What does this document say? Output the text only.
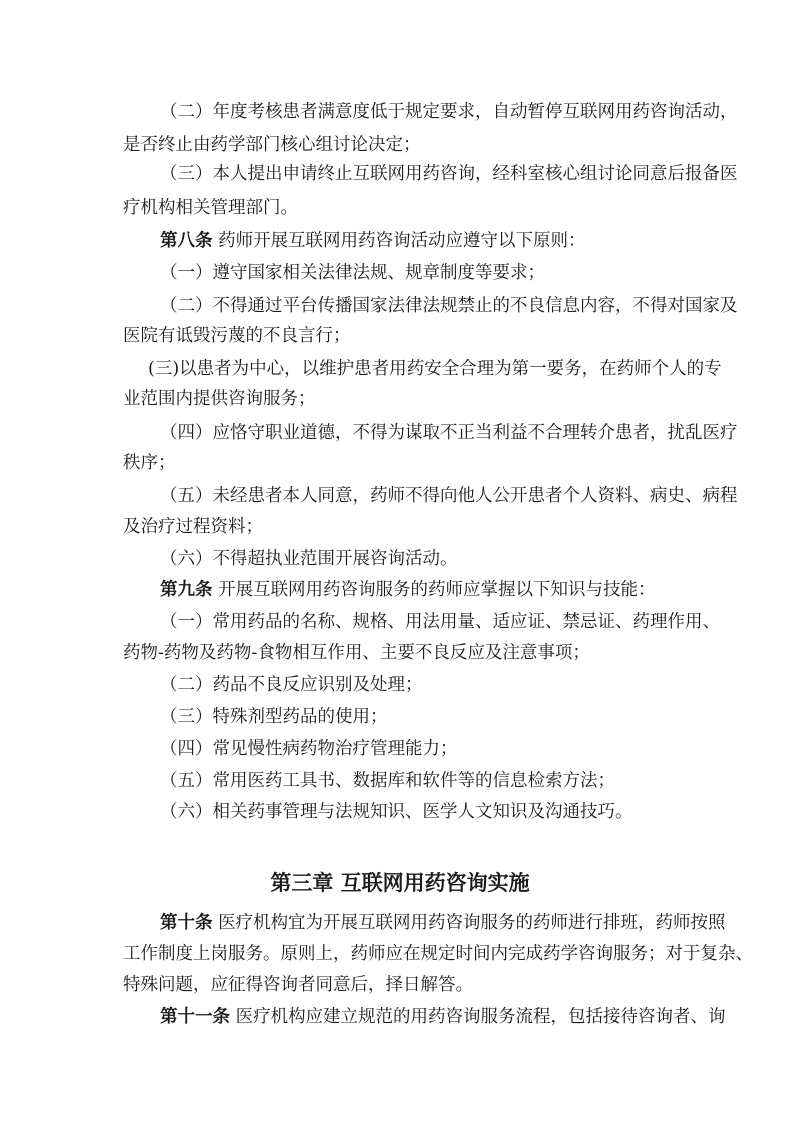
（二）年度考核患者满意度低于规定要求，自动暂停互联网用药咨询活动，
是否终止由药学部门核心组讨论决定；
（三）本人提出申请终止互联网用药咨询，经科室核心组讨论同意后报备医
疗机构相关管理部门。
第八条 药师开展互联网用药咨询活动应遵守以下原则：
（一）遵守国家相关法律法规、规章制度等要求；
（二）不得通过平台传播国家法律法规禁止的不良信息内容，不得对国家及
医院有诋毁污蔑的不良言行；
(三)以患者为中心，以维护患者用药安全合理为第一要务，在药师个人的专
业范围内提供咨询服务；
（四）应恪守职业道德，不得为谋取不正当利益不合理转介患者，扰乱医疗
秩序；
（五）未经患者本人同意，药师不得向他人公开患者个人资料、病史、病程
及治疗过程资料；
（六）不得超执业范围开展咨询活动。
第九条 开展互联网用药咨询服务的药师应掌握以下知识与技能：
（一）常用药品的名称、规格、用法用量、适应证、禁忌证、药理作用、
药物-药物及药物-食物相互作用、主要不良反应及注意事项；
（二）药品不良反应识别及处理；
（三）特殊剂型药品的使用；
（四）常见慢性病药物治疗管理能力；
（五）常用医药工具书、数据库和软件等的信息检索方法；
（六）相关药事管理与法规知识、医学人文知识及沟通技巧。
第三章 互联网用药咨询实施
第十条 医疗机构宜为开展互联网用药咨询服务的药师进行排班，药师按照
工作制度上岗服务。原则上，药师应在规定时间内完成药学咨询服务；对于复杂、
特殊问题，应征得咨询者同意后，择日解答。
第十一条 医疗机构应建立规范的用药咨询服务流程，包括接待咨询者、询
